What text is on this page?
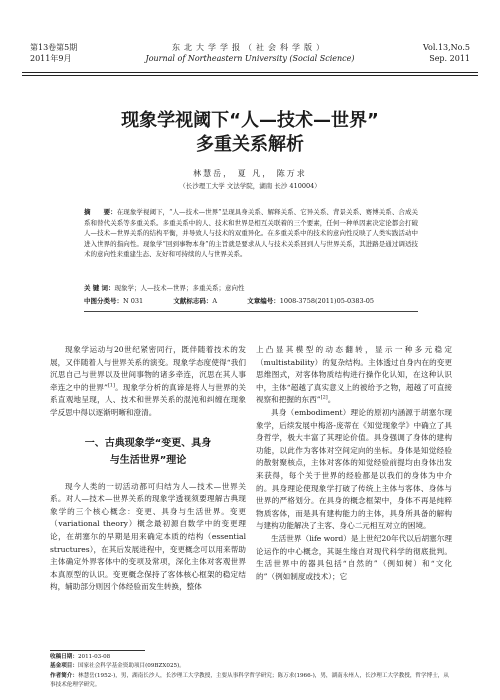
第13卷第5期
2011年9月
东北大学学报（社会科学版）
Journal of Northeastern University (Social Science)
Vol.13,No.5
Sep. 2011
现象学视阈下“人—技术—世界”
多重关系解析
林慧岳， 夏 凡， 陈万求
（长沙理工大学 文法学院，湖南 长沙 410004）
摘　　要：在现象学视阈下，“人—技术—世界”呈现具身关系、解释关系、它异关系、背景关系、赛博关系、合成关系和替代关系等多重关系。多重关系中的人、技术和世界是相互关联着的三个要素，任何一种单因素决定论都会打破人—技术—世界关系的结构平衡，并导致人与技术的双重异化。在多重关系中的技术的意向性反映了人类实践活动中进入世界的指向性。现象学“回到事物本身”的主旨就是要求从人与技术关系回到人与世界关系，其进路是通过调适技术的意向性来重建生态、友好和可持续的人与世界关系。
关 键 词：现象学；人—技术—世界；多重关系；意向性
中图分类号：N 031	文献标志码：A	文章编号：1008-3758(2011)05-0383-05

现象学运动与20世纪紧密同行，既伴随着技术的发展，又伴随着人与世界关系的演变。现象学态度使得“我们沉思自己与世界以及世间事物的诸多牵连，沉思在其人事牵连之中的世界”[1]。现象学分析的真谛是将人与世界的关系直观地呈现，人、技术和世界关系的混沌和纠缠在现象学反思中得以逐渐明晰和澄清。

一、古典现象学“变更、具身
与生活世界”理论

现今人类的一切活动都可归结为人—技术—世界关系。对人—技术—世界关系的现象学透视须要理解古典现象学的三个核心概念：变更、具身与生活世界。变更（variational theory）概念最初源自数学中的变更理论，在胡塞尔的早期是用来确定本质的结构（essential structures），在其后发展进程中，变更概念可以用来帮助主体确定外界客体中的变项及常项，深化主体对客观世界本真原型的认识。变更概念保持了客体核心框架的稳定结构，辅助部分则因个体经验而发生转换，整体

上凸显其模型的动态翻转，显示一种多元稳定（multistability）的复杂结构。主体透过自身内在的变更思维图式，对客体物质结构进行操作化认知，在这种认识中，主体“超越了真实意义上的被给予之物，超越了可直接视察和把握的东西”[2]。

具身（embodiment）理论的原初内涵源于胡塞尔现象学，后续发展中梅洛-庞蒂在《知觉现象学》中确立了具身哲学，极大丰富了其理论价值。具身强调了身体的建构功能，以此作为客体对空间定向的坐标。身体是知觉经验的散射聚核点，主体对客体的知觉经验前提均由身体出发来获得，每个关于世界的经验都是以我们的身体为中介的。具身理论使现象学打破了传统上主体与客体、身体与世界的严格划分。在具身的概念框架中，身体不再是纯粹物质客体，而是具有建构能力的主体，具身所具备的解构与建构功能解决了主客、身心二元相互对立的困境。

生活世界（life word）是上世纪20年代以后胡塞尔理论运作的中心概念，其诞生缘自对现代科学的彻底批判。生活世界中的器具包括“自然的”（例如树）和“文化的”（例如制度或技术）；它

收稿日期：2011-03-08
基金项目：国家社会科学基金资助项目(09BZX025)。
作者简介：林慧岳(1952-)，男，湖南长沙人，长沙理工大学教授，主要从事科学哲学研究；陈万求(1966-)，男，湖南永州人，长沙理工大学教授，哲学博士，从事技术伦理学研究。
